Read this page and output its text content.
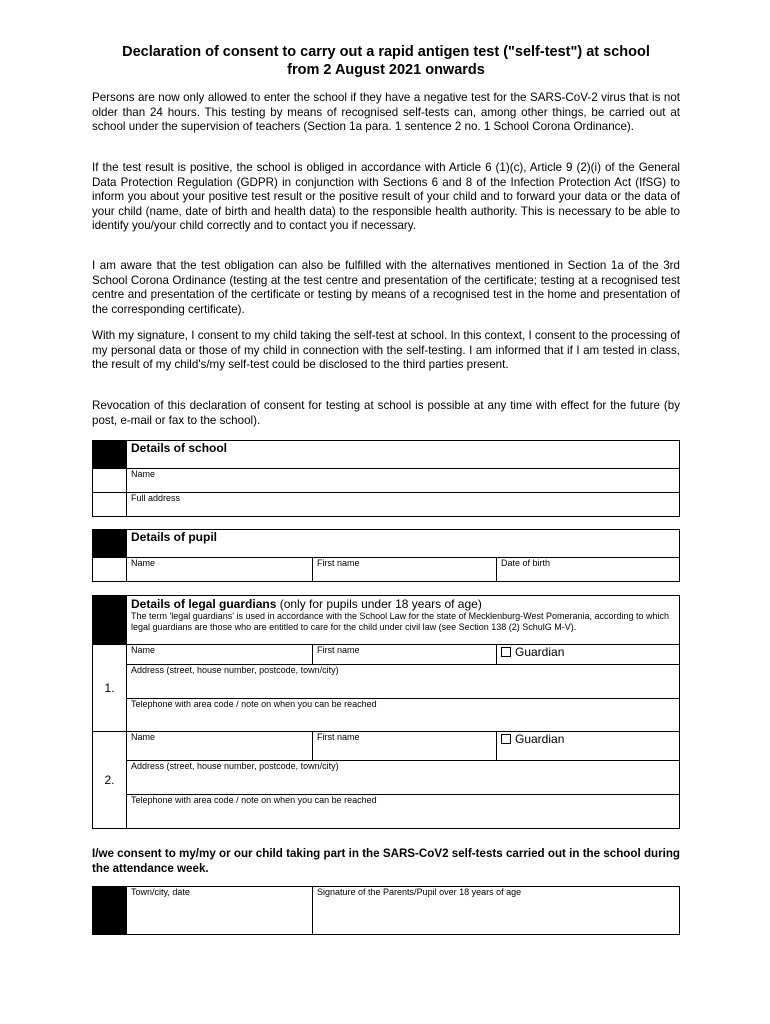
Declaration of consent to carry out a rapid antigen test ("self-test") at school
from 2 August 2021 onwards

Persons are now only allowed to enter the school if they have a negative test for the SARS-CoV-2 virus that is not older than 24 hours. This testing by means of recognised self-tests can, among other things, be carried out at school under the supervision of teachers (Section 1a para. 1 sentence 2 no. 1 School Corona Ordinance).

If the test result is positive, the school is obliged in accordance with Article 6 (1)(c), Article 9 (2)(i) of the General Data Protection Regulation (GDPR) in conjunction with Sections 6 and 8 of the Infection Protection Act (IfSG) to inform you about your positive test result or the positive result of your child and to forward your data or the data of your child (name, date of birth and health data) to the responsible health authority. This is necessary to be able to identify you/your child correctly and to contact you if necessary.

I am aware that the test obligation can also be fulfilled with the alternatives mentioned in Section 1a of the 3rd School Corona Ordinance (testing at the test centre and presentation of the certificate; testing at a recognised test centre and presentation of the certificate or testing by means of a recognised test in the home and presentation of the corresponding certificate).

With my signature, I consent to my child taking the self-test at school. In this context, I consent to the processing of my personal data or those of my child in connection with the self-testing. I am informed that if I am tested in class, the result of my child's/my self-test could be disclosed to the third parties present.

Revocation of this declaration of consent for testing at school is possible at any time with effect for the future (by post, e-mail or fax to the school).

	Details of school
	Name
	Full address
	Details of pupil		
	Name	First name	Date of birth

	Details of legal guardians (only for pupils under 18 years of age)
The term 'legal guardians' is used in accordance with the School Law for the state of Mecklenburg-West Pomerania, according to which legal guardians are those who are entitled to care for the child under civil law (see Section 138 (2) SchulG M-V).		

1.	Name	First name	Guardian
	Address (street, house number, postcode, town/city)		
	Telephone with area code / note on when you can be reached		
2.	Name	First name	Guardian
	Address (street, house number, postcode, town/city)		
	Telephone with area code / note on when you can be reached		

I/we consent to my/my or our child taking part in the SARS-CoV2 self-tests carried out in the school during the attendance week.

	Town/city, date	Signature of the Parents/Pupil over 18 years of age
